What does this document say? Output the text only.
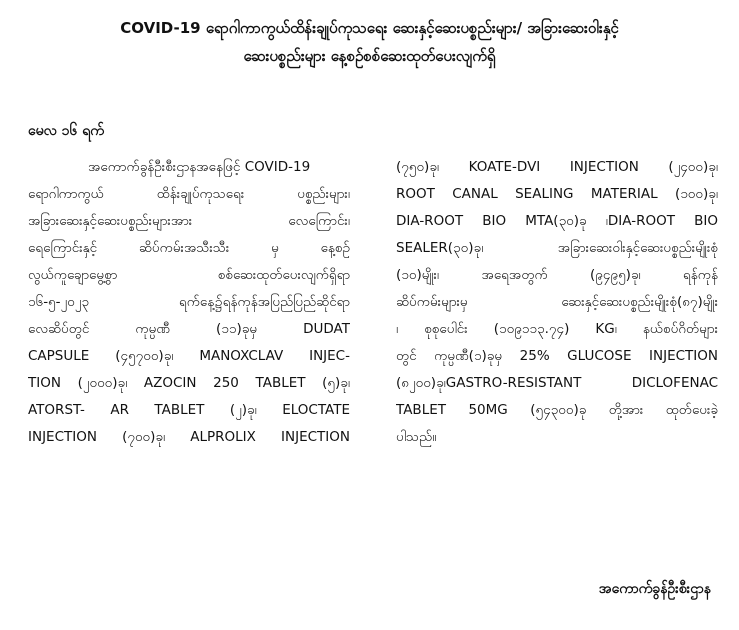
COVID-19 ရောဂါကာကွယ်ထိန်းချုပ်ကုသရေး ဆေးနှင့်ဆေးပစ္စည်းများ/ အခြားဆေးဝါးနှင့်
ဆေးပစ္စည်းများ နေ့စဉ်စစ်ဆေးထုတ်ပေးလျက်ရှိ
မေလ ၁၆ ရက်
အကောက်ခွန်ဦးစီးဌာနအနေဖြင့် COVID-19
ရောဂါကာကွယ် ထိန်းချုပ်ကုသရေး ပစ္စည်းများ၊
အခြားဆေးနှင့်ဆေးပစ္စည်းများအား လေကြောင်း၊
ရေကြောင်းနှင့် ဆိပ်ကမ်းအသီးသီး မှ နေ့စဉ်
လွယ်ကူချောမွေ့စွာ စစ်ဆေးထုတ်ပေးလျက်ရှိရာ
၁၆-၅-၂၀၂၃ ရက်နေ့၌ရန်ကုန်အပြည်ပြည်ဆိုင်ရာ
လေဆိပ်တွင် ကုမ္ပဏီ (၁၁)ခုမှ DUDAT
CAPSULE (၄၅၇၀၀)ခု၊ MANOXCLAV INJEC-
TION (၂၀၀၀)ခု၊ AZOCIN 250 TABLET (၅)ခု၊
ATORST- AR TABLET (၂)ခု၊ ELOCTATE
INJECTION (၇၀၀)ခု၊ ALPROLIX INJECTION
(၇၅၀)ခု၊ KOATE-DVI INJECTION (၂၄၀၀)ခု၊
ROOT CANAL SEALING MATERIAL (၁၀၀)ခု၊
DIA-ROOT BIO MTA(၃၀)ခု ၊DIA-ROOT BIO
SEALER(၃၀)ခု၊ အခြားဆေးဝါးနှင့်ဆေးပစ္စည်းမျိုးစုံ
(၁၀)မျိုး၊ အရေအတွက် (၉၄၉၅)ခု၊ ရန်ကုန်
ဆိပ်ကမ်းများမှ ဆေးနှင့်ဆေးပစ္စည်းမျိုးစုံ(၈၇)မျိုး
၊ စုစုပေါင်း (၁၀၉၁၁၃.၇၄) KG၊ နယ်စပ်ဂိတ်များ
တွင် ကုမ္ပဏီ(၁)ခုမှ 25% GLUCOSE INJECTION
(၈၂၀၀)ခု၊GASTRO-RESISTANT DICLOFENAC
TABLET 50MG (၅၄၃၀၀)ခု တို့အား ထုတ်ပေးခဲ့
ပါသည်။
အကောက်ခွန်ဦးစီးဌာန
